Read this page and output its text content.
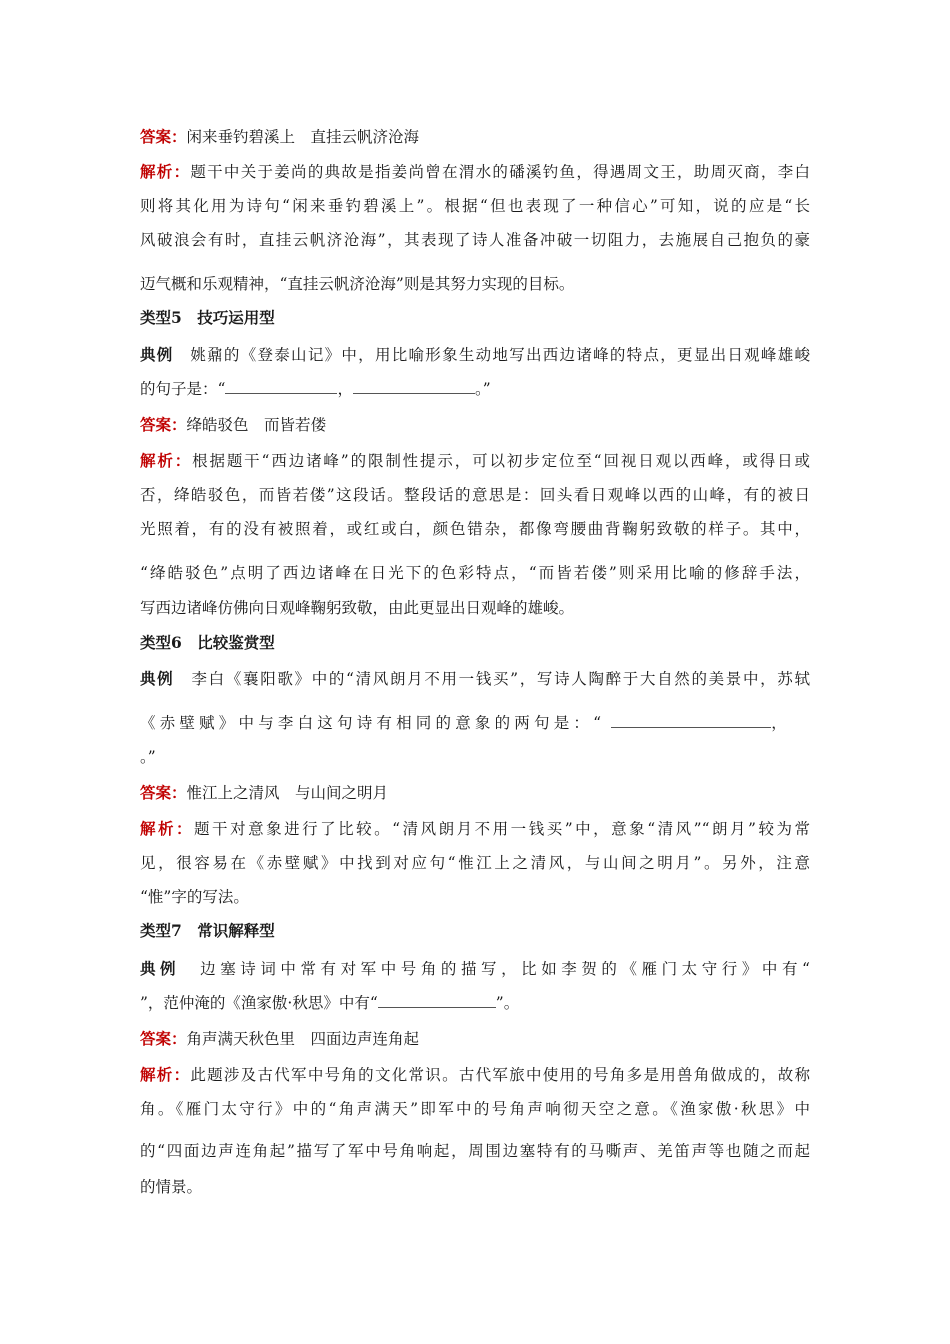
答案：闲来垂钓碧溪上　直挂云帆济沧海
解析：题干中关于姜尚的典故是指姜尚曾在渭水的磻溪钓鱼，得遇周文王，助周灭商，李白
则将其化用为诗句“闲来垂钓碧溪上”。根据“但也表现了一种信心”可知，说的应是“长
风破浪会有时，直挂云帆济沧海”，其表现了诗人准备冲破一切阻力，去施展自己抱负的豪
迈气概和乐观精神，“直挂云帆济沧海”则是其努力实现的目标。
类型5　技巧运用型
典例　姚鼐的《登泰山记》中，用比喻形象生动地写出西边诸峰的特点，更显出日观峰雄峻
的句子是：“	，	。”
答案：绛皓驳色　而皆若偻
解析：根据题干“西边诸峰”的限制性提示，可以初步定位至“回视日观以西峰，或得日或
否，绛皓驳色，而皆若偻”这段话。整段话的意思是：回头看日观峰以西的山峰，有的被日
光照着，有的没有被照着，或红或白，颜色错杂，都像弯腰曲背鞠躬致敬的样子。其中，
“绛皓驳色”点明了西边诸峰在日光下的色彩特点，“而皆若偻”则采用比喻的修辞手法，
写西边诸峰仿佛向日观峰鞠躬致敬，由此更显出日观峰的雄峻。
类型6　比较鉴赏型
典例　李白《襄阳歌》中的“清风朗月不用一钱买”，写诗人陶醉于大自然的美景中，苏轼
《赤壁赋》中与李白这句诗有相同的意象的两句是：“	，
。”
答案：惟江上之清风　与山间之明月
解析：题干对意象进行了比较。“清风朗月不用一钱买”中，意象“清风”“朗月”较为常
见，很容易在《赤壁赋》中找到对应句“惟江上之清风，与山间之明月”。另外，注意
“惟”字的写法。
类型7　常识解释型
典例　边塞诗词中常有对军中号角的描写，比如李贺的《雁门太守行》中有“
”，范仲淹的《渔家傲·秋思》中有“	”。
答案：角声满天秋色里　四面边声连角起
解析：此题涉及古代军中号角的文化常识。古代军旅中使用的号角多是用兽角做成的，故称
角。《雁门太守行》中的“角声满天”即军中的号角声响彻天空之意。《渔家傲·秋思》中
的“四面边声连角起”描写了军中号角响起，周围边塞特有的马嘶声、羌笛声等也随之而起
的情景。
